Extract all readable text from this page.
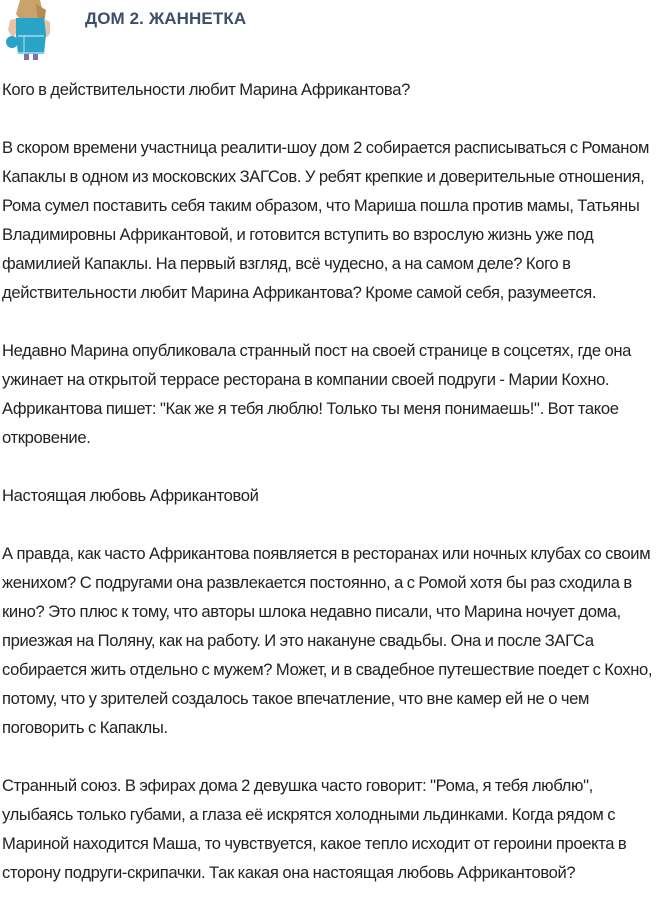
ДОМ 2. ЖАННЕТКА

Кого в действительности любит Марина Африкантова?

В скором времени участница реалити-шоу дом 2 собирается расписываться с Романом Капаклы в одном из московских ЗАГСов. У ребят крепкие и доверительные отношения, Рома сумел поставить себя таким образом, что Мариша пошла против мамы, Татьяны Владимировны Африкантовой, и готовится вступить во взрослую жизнь уже под фамилией Капаклы. На первый взгляд, всё чудесно, а на самом деле? Кого в действительности любит Марина Африкантова? Кроме самой себя, разумеется.

Недавно Марина опубликовала странный пост на своей странице в соцсетях, где она ужинает на открытой террасе ресторана в компании своей подруги - Марии Кохно. Африкантова пишет: "Как же я тебя люблю! Только ты меня понимаешь!". Вот такое откровение.

Настоящая любовь Африкантовой

А правда, как часто Африкантова появляется в ресторанах или ночных клубах со своим женихом? С подругами она развлекается постоянно, а с Ромой хотя бы раз сходила в кино? Это плюс к тому, что авторы шлока недавно писали, что Марина ночует дома, приезжая на Поляну, как на работу. И это накануне свадьбы. Она и после ЗАГСа собирается жить отдельно с мужем? Может, и в свадебное путешествие поедет с Кохно, потому, что у зрителей создалось такое впечатление, что вне камер ей не о чем поговорить с Капаклы.

Странный союз. В эфирах дома 2 девушка часто говорит: "Рома, я тебя люблю", улыбаясь только губами, а глаза её искрятся холодными льдинками. Когда рядом с Мариной находится Маша, то чувствуется, какое тепло исходит от героини проекта в сторону подруги-скрипачки. Так какая она настоящая любовь Африкантовой?
